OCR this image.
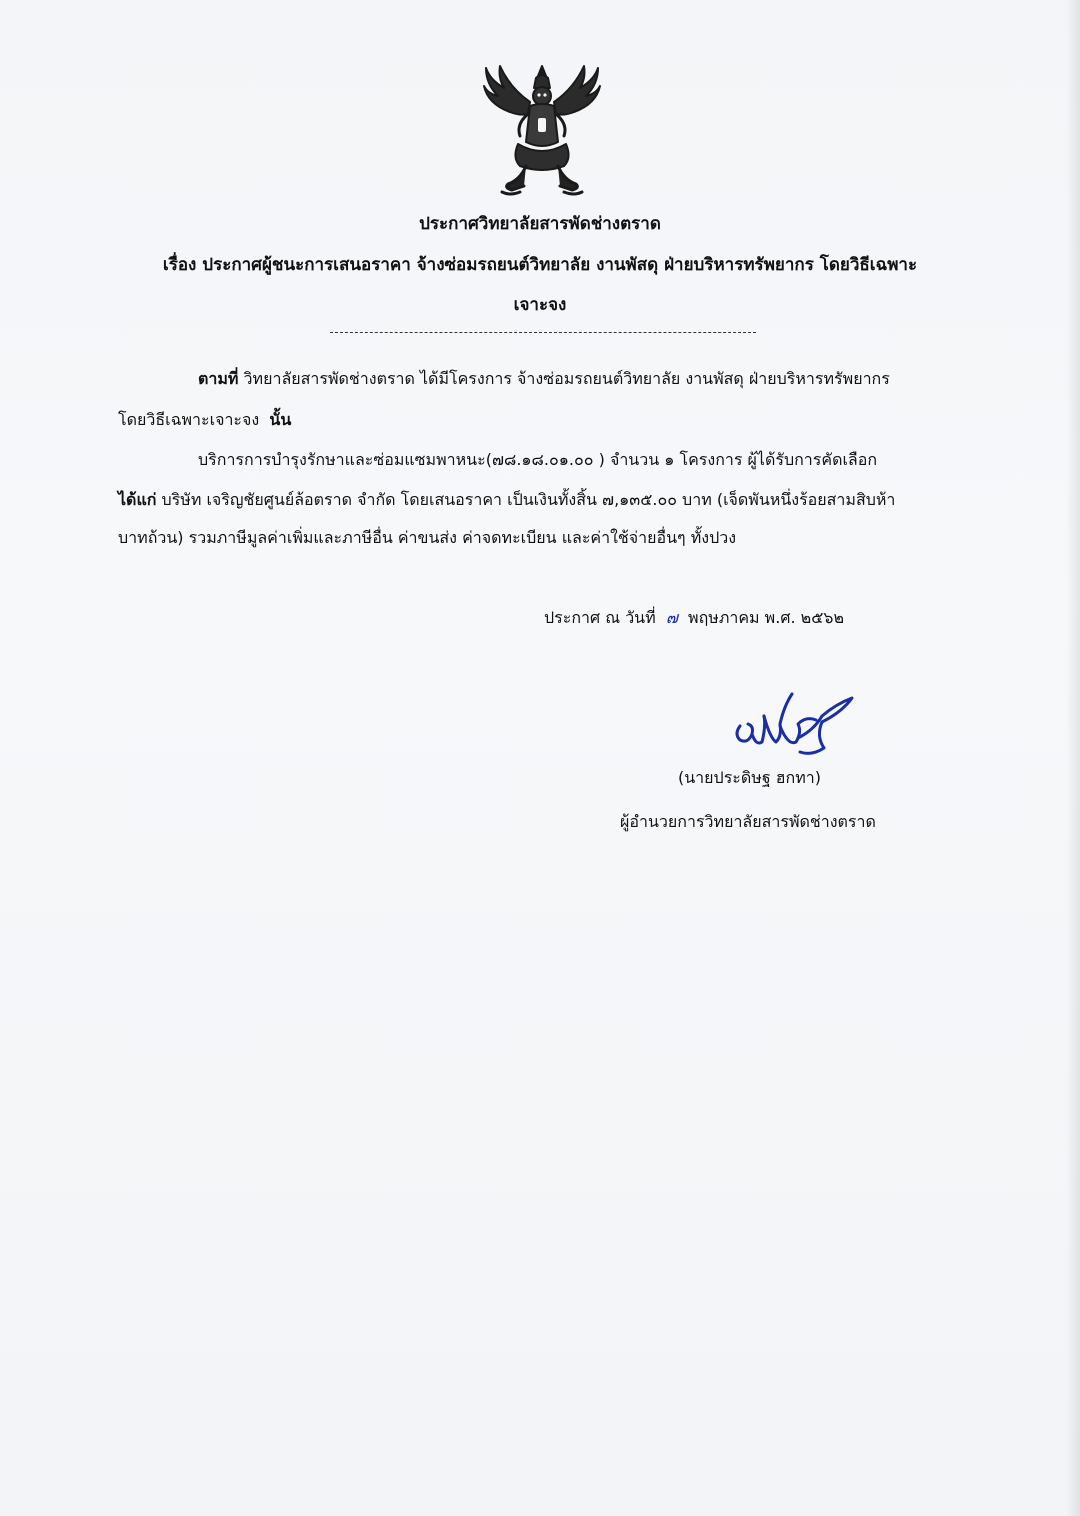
ประกาศวิทยาลัยสารพัดช่างตราด
เรื่อง ประกาศผู้ชนะการเสนอราคา จ้างซ่อมรถยนต์วิทยาลัย งานพัสดุ ฝ่ายบริหารทรัพยากร โดยวิธีเฉพาะ
เจาะจง
ตามที่ วิทยาลัยสารพัดช่างตราด ได้มีโครงการ จ้างซ่อมรถยนต์วิทยาลัย งานพัสดุ ฝ่ายบริหารทรัพยากร
โดยวิธีเฉพาะเจาะจง นั้น
บริการการบำรุงรักษาและซ่อมแซมพาหนะ(๗๘.๑๘.๐๑.๐๐ ) จำนวน ๑ โครงการ ผู้ได้รับการคัดเลือก
ได้แก่ บริษัท เจริญชัยศูนย์ล้อตราด จำกัด โดยเสนอราคา เป็นเงินทั้งสิ้น ๗,๑๓๕.๐๐ บาท (เจ็ดพันหนึ่งร้อยสามสิบห้า
บาทถ้วน) รวมภาษีมูลค่าเพิ่มและภาษีอื่น ค่าขนส่ง ค่าจดทะเบียน และค่าใช้จ่ายอื่นๆ ทั้งปวง
ประกาศ ณ วันที่ ๗ พฤษภาคม พ.ศ. ๒๕๖๒
(นายประดิษฐ ฮกทา)
ผู้อำนวยการวิทยาลัยสารพัดช่างตราด
